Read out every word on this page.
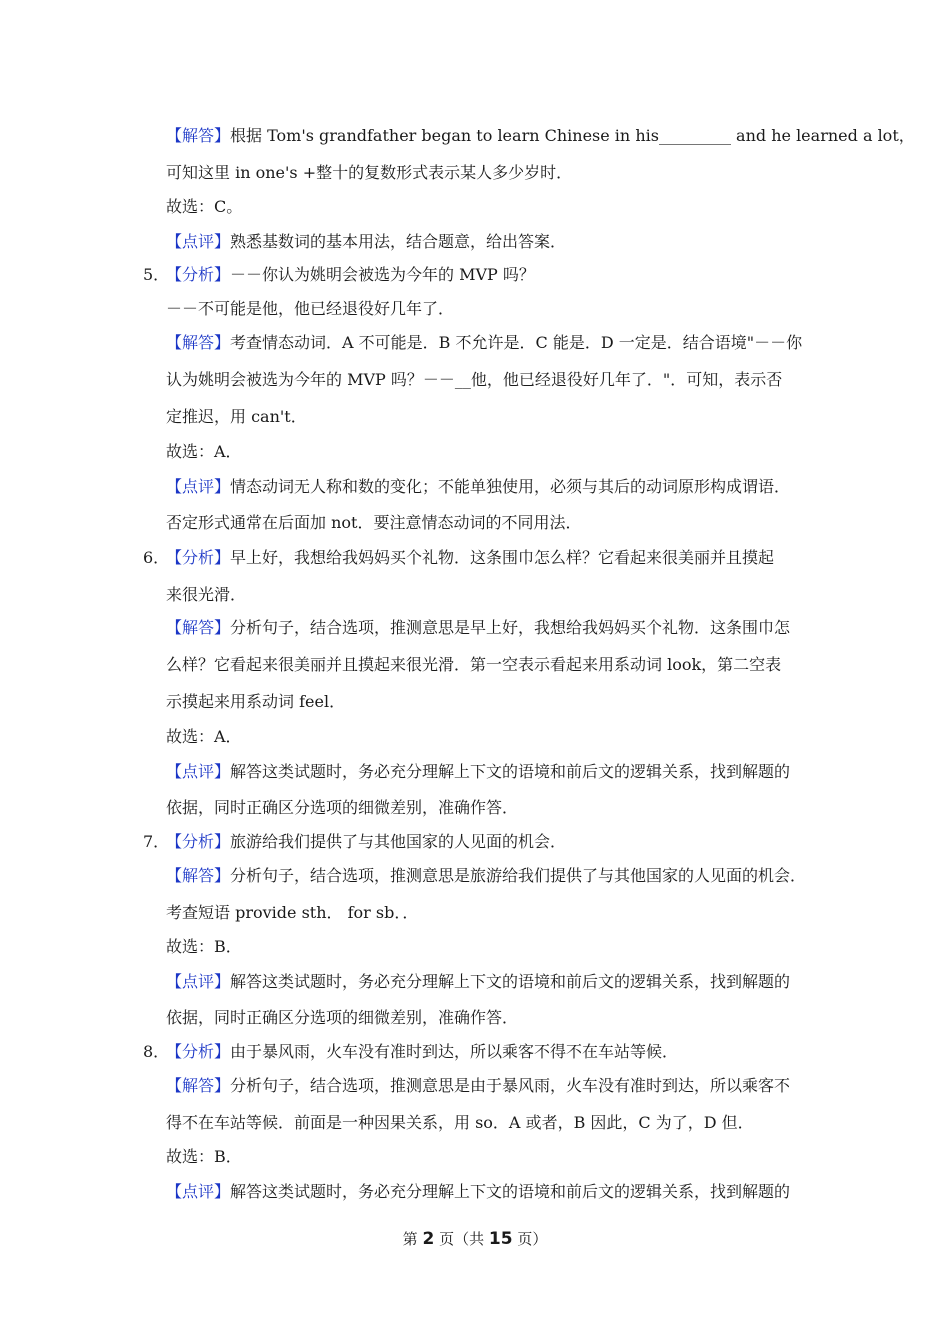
【解答】根据 Tom's grandfather began to learn Chinese in his_________ and he learned a lot，
可知这里 in one's +整十的复数形式表示某人多少岁时．
故选：C。
【点评】熟悉基数词的基本用法，结合题意，给出答案．
5．
【分析】－－你认为姚明会被选为今年的 MVP 吗？
－－不可能是他，他已经退役好几年了．
【解答】考查情态动词．A 不可能是．B 不允许是．C 能是．D 一定是．结合语境"－－你
认为姚明会被选为今年的 MVP 吗？－－__他，他已经退役好几年了．"．可知，表示否
定推迟，用 can't．
故选：A．
【点评】情态动词无人称和数的变化；不能单独使用，必须与其后的动词原形构成谓语．
否定形式通常在后面加 not．要注意情态动词的不同用法．
6．
【分析】早上好，我想给我妈妈买个礼物．这条围巾怎么样？它看起来很美丽并且摸起
来很光滑．
【解答】分析句子，结合选项，推测意思是早上好，我想给我妈妈买个礼物．这条围巾怎
么样？它看起来很美丽并且摸起来很光滑．第一空表示看起来用系动词 look，第二空表
示摸起来用系动词 feel．
故选：A．
【点评】解答这类试题时，务必充分理解上下文的语境和前后文的逻辑关系，找到解题的
依据，同时正确区分选项的细微差别，准确作答．
7．
【分析】旅游给我们提供了与其他国家的人见面的机会．
【解答】分析句子，结合选项，推测意思是旅游给我们提供了与其他国家的人见面的机会．
考查短语 provide sth． for sb．．
故选：B．
【点评】解答这类试题时，务必充分理解上下文的语境和前后文的逻辑关系，找到解题的
依据，同时正确区分选项的细微差别，准确作答．
8．
【分析】由于暴风雨，火车没有准时到达，所以乘客不得不在车站等候．
【解答】分析句子，结合选项，推测意思是由于暴风雨，火车没有准时到达，所以乘客不
得不在车站等候．前面是一种因果关系，用 so．A 或者，B 因此，C 为了，D 但．
故选：B．
【点评】解答这类试题时，务必充分理解上下文的语境和前后文的逻辑关系，找到解题的
第 2 页（共 15 页）
